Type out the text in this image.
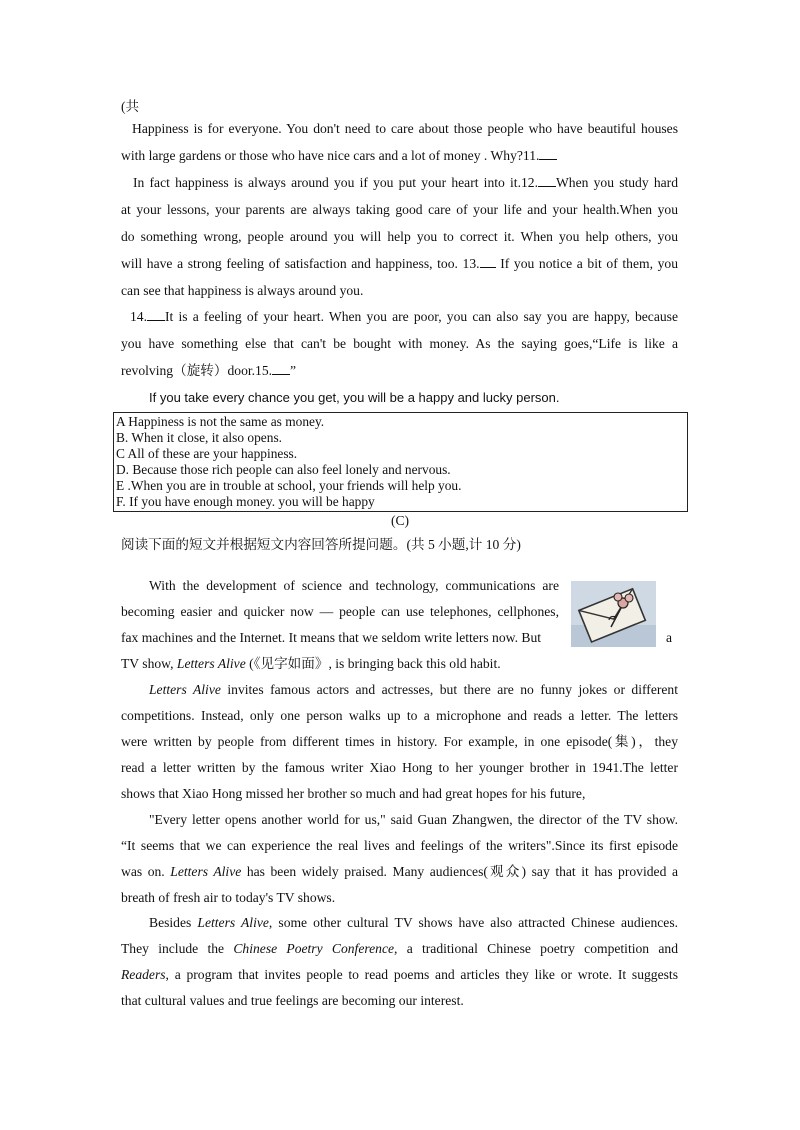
(共
Happiness is for everyone. You don't need to care about those people who have beautiful houses
with large gardens or those who have nice cars and a lot of money . Why?11.
In fact happiness is always around you if you put your heart into it.12. When you study hard
at your lessons, your parents are always taking good care of your life and your health.When you
do something wrong, people around you will help you to correct it. When you help others, you
will have a strong feeling of satisfaction and happiness, too. 13. If you notice a bit of them, you
can see that happiness is always around you.
14. It is a feeling of your heart. When you are poor, you can also say you are happy, because
you have something else that can't be bought with money. As the saying goes,“Life is like a
revolving（旋转）door.15. ”
If you take every chance you get, you will be a happy and lucky person.
A Happiness is not the same as money.
B. When it close, it also opens.
C All of these are your happiness.
D. Because those rich people can also feel lonely and nervous.
E .When you are in trouble at school, your friends will help you.
F. If you have enough money. you will be happy
(C)
阅读下面的短文并根据短文内容回答所提问题。(共 5 小题,计 10 分)
With the development of science and technology, communications are
becoming easier and quicker now — people can use telephones, cellphones,
fax machines and the Internet. It means that we seldom write letters now. But	a
TV show, Letters Alive (《见字如面》, is bringing back this old habit.
Letters Alive invites famous actors and actresses, but there are no funny jokes or different
competitions. Instead, only one person walks up to a microphone and reads a letter. The letters
were written by people from different times in history. For example, in one episode(集)，they
read a letter written by the famous writer Xiao Hong to her younger brother in 1941.The letter
shows that Xiao Hong missed her brother so much and had great hopes for his future,
"Every letter opens another world for us," said Guan Zhangwen, the director of the TV show.
“It seems that we can experience the real lives and feelings of the writers".Since its first episode
was on. Letters Alive has been widely praised. Many audiences(观众) say that it has provided a
breath of fresh air to today's TV shows.
Besides Letters Alive, some other cultural TV shows have also attracted Chinese audiences.
They include the Chinese Poetry Conference, a traditional Chinese poetry competition and
Readers, a program that invites people to read poems and articles they like or wrote. It suggests
that cultural values and true feelings are becoming our interest.
